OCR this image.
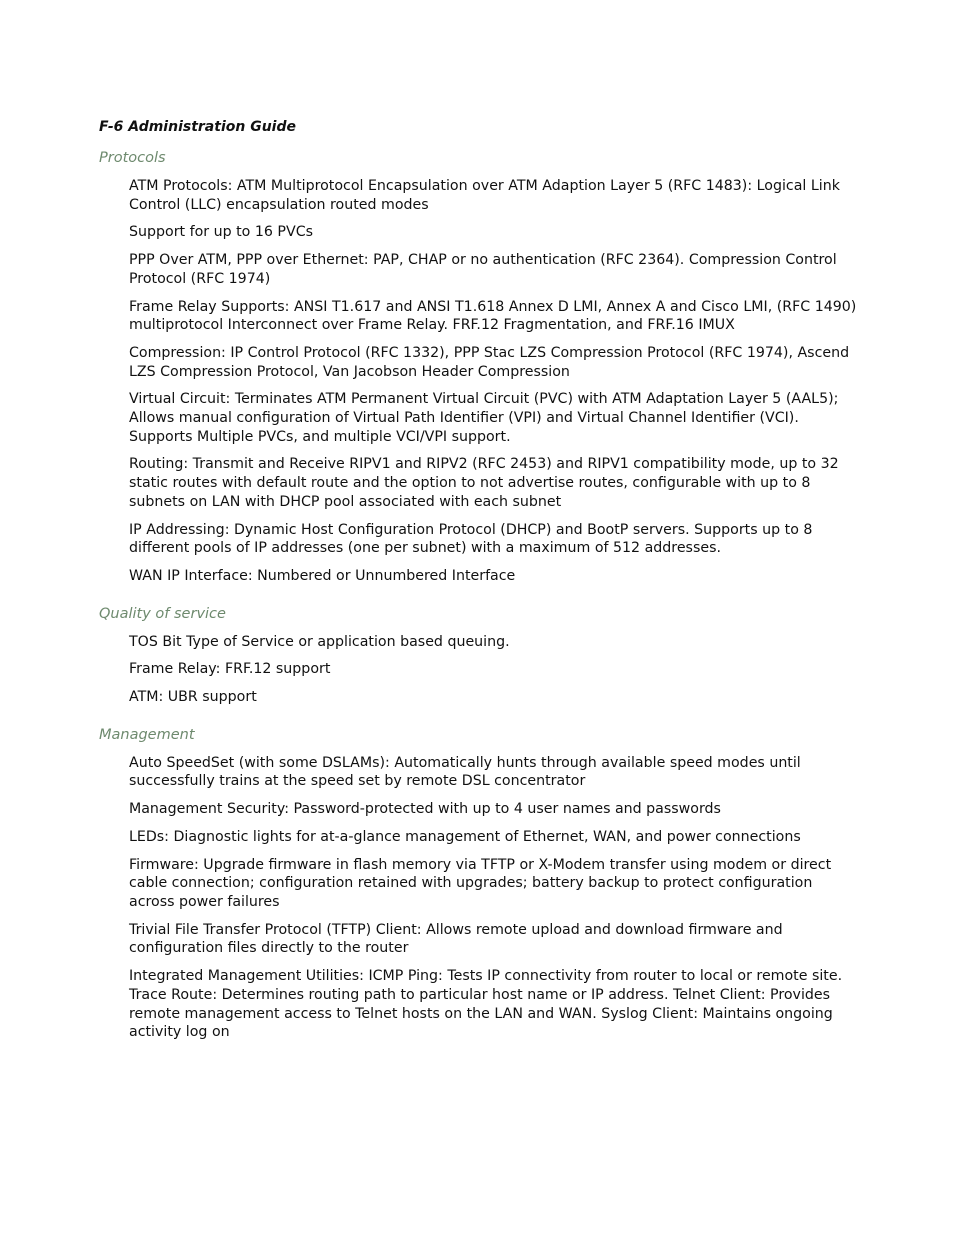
F-6 Administration Guide
Protocols

ATM Protocols: ATM Multiprotocol Encapsulation over ATM Adaption Layer 5 (RFC 1483): Logical Link Control (LLC) encapsulation routed modes

Support for up to 16 PVCs

PPP Over ATM, PPP over Ethernet: PAP, CHAP or no authentication (RFC 2364). Compression Control Protocol (RFC 1974)

Frame Relay Supports: ANSI T1.617 and ANSI T1.618 Annex D LMI, Annex A and Cisco LMI, (RFC 1490) multiprotocol Interconnect over Frame Relay. FRF.12 Fragmentation, and FRF.16 IMUX

Compression: IP Control Protocol (RFC 1332), PPP Stac LZS Compression Protocol (RFC 1974), Ascend LZS Compression Protocol, Van Jacobson Header Compression

Virtual Circuit: Terminates ATM Permanent Virtual Circuit (PVC) with ATM Adaptation Layer 5 (AAL5); Allows manual configuration of Virtual Path Identifier (VPI) and Virtual Channel Identifier (VCI). Supports Multiple PVCs, and multiple VCI/VPI support.

Routing: Transmit and Receive RIPV1 and RIPV2 (RFC 2453) and RIPV1 compatibility mode, up to 32 static routes with default route and the option to not advertise routes, configurable with up to 8 subnets on LAN with DHCP pool associated with each subnet

IP Addressing: Dynamic Host Configuration Protocol (DHCP) and BootP servers. Supports up to 8 different pools of IP addresses (one per subnet) with a maximum of 512 addresses.

WAN IP Interface: Numbered or Unnumbered Interface

Quality of service

TOS Bit Type of Service or application based queuing.

Frame Relay: FRF.12 support

ATM: UBR support

Management

Auto SpeedSet (with some DSLAMs): Automatically hunts through available speed modes until successfully trains at the speed set by remote DSL concentrator

Management Security: Password-protected with up to 4 user names and passwords

LEDs: Diagnostic lights for at-a-glance management of Ethernet, WAN, and power connections

Firmware: Upgrade firmware in flash memory via TFTP or X-Modem transfer using modem or direct cable connection; configuration retained with upgrades; battery backup to protect configuration across power failures

Trivial File Transfer Protocol (TFTP) Client: Allows remote upload and download firmware and configuration files directly to the router

Integrated Management Utilities: ICMP Ping: Tests IP connectivity from router to local or remote site. Trace Route: Determines routing path to particular host name or IP address. Telnet Client: Provides remote management access to Telnet hosts on the LAN and WAN. Syslog Client: Maintains ongoing activity log on
